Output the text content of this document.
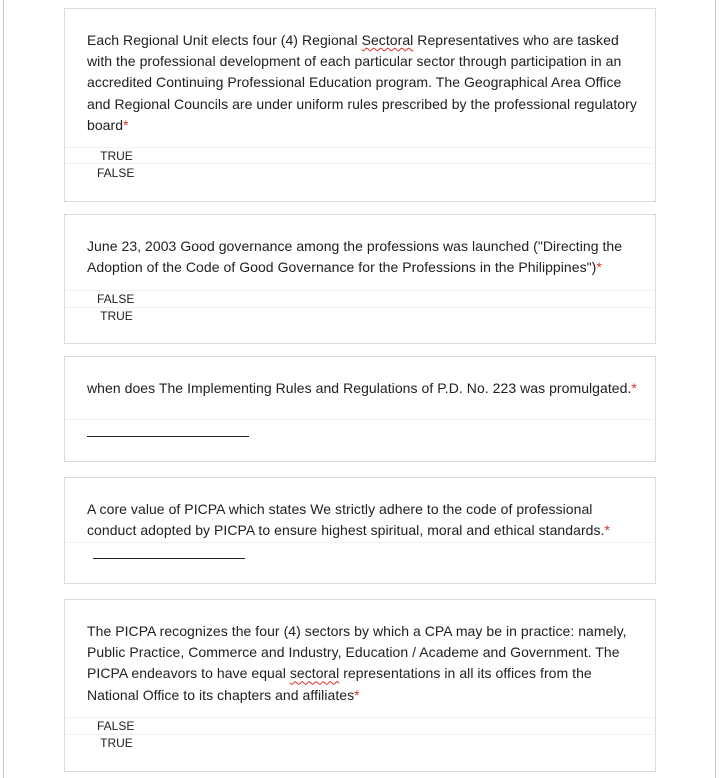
Each Regional Unit elects four (4) Regional Sectoral Representatives who are tasked with the professional development of each particular sector through participation in an accredited Continuing Professional Education program. The Geographical Area Office and Regional Councils are under uniform rules prescribed by the professional regulatory board*
TRUE
FALSE
June 23, 2003 Good governance among the professions was launched ("Directing the Adoption of the Code of Good Governance for the Professions in the Philippines")*
FALSE
TRUE
when does The Implementing Rules and Regulations of P.D. No. 223 was promulgated.*
A core value of PICPA which states We strictly adhere to the code of professional conduct adopted by PICPA to ensure highest spiritual, moral and ethical standards.*
The PICPA recognizes the four (4) sectors by which a CPA may be in practice: namely, Public Practice, Commerce and Industry, Education / Academe and Government. The PICPA endeavors to have equal sectoral representations in all its offices from the National Office to its chapters and affiliates*
FALSE
TRUE
